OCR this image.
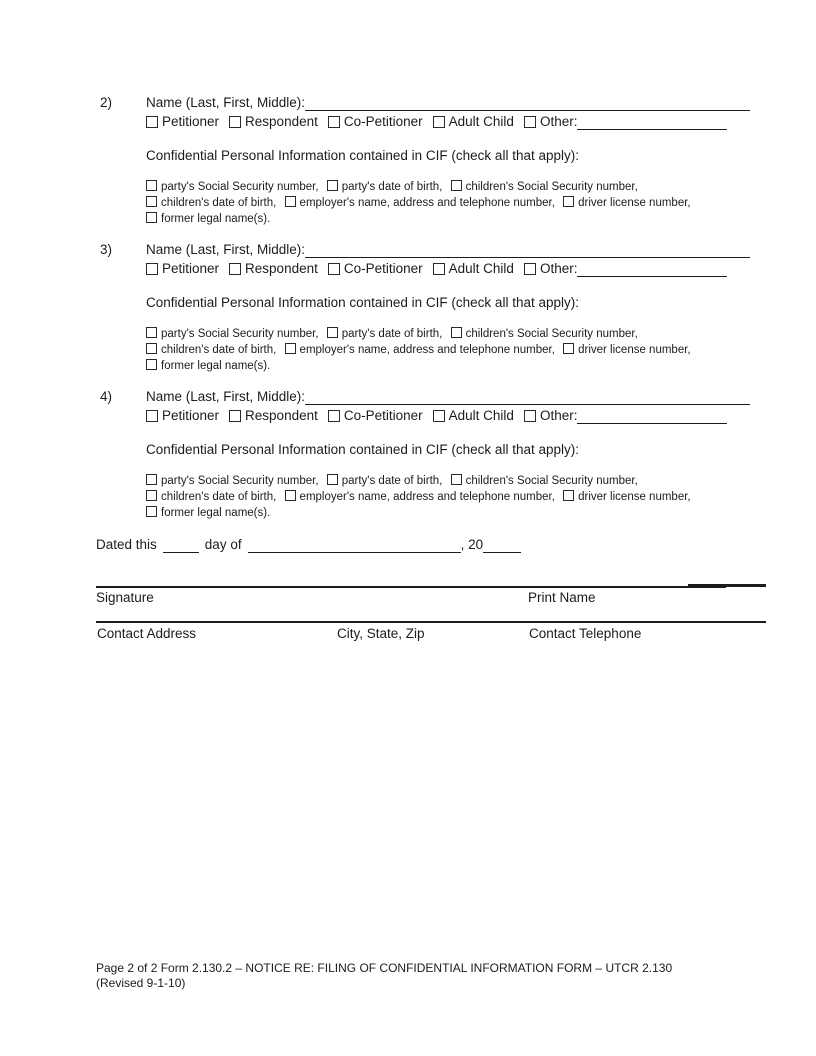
2)	Name (Last, First, Middle):
Petitioner Respondent Co-Petitioner Adult Child Other:
Confidential Personal Information contained in CIF (check all that apply):
party's Social Security number, party's date of birth, children's Social Security number,
children's date of birth, employer's name, address and telephone number, driver license number,
former legal name(s).
3)	Name (Last, First, Middle):
Petitioner Respondent Co-Petitioner Adult Child Other:
Confidential Personal Information contained in CIF (check all that apply):
party's Social Security number, party's date of birth, children's Social Security number,
children's date of birth, employer's name, address and telephone number, driver license number,
former legal name(s).
4)	Name (Last, First, Middle):
Petitioner Respondent Co-Petitioner Adult Child Other:
Confidential Personal Information contained in CIF (check all that apply):
party's Social Security number, party's date of birth, children's Social Security number,
children's date of birth, employer's name, address and telephone number, driver license number,
former legal name(s).
Dated this	day of	, 20
Signature	Print Name
Contact Address	City, State, Zip	Contact Telephone
Page 2 of 2 Form 2.130.2 – NOTICE RE: FILING OF CONFIDENTIAL INFORMATION FORM – UTCR 2.130
(Revised 9-1-10)
